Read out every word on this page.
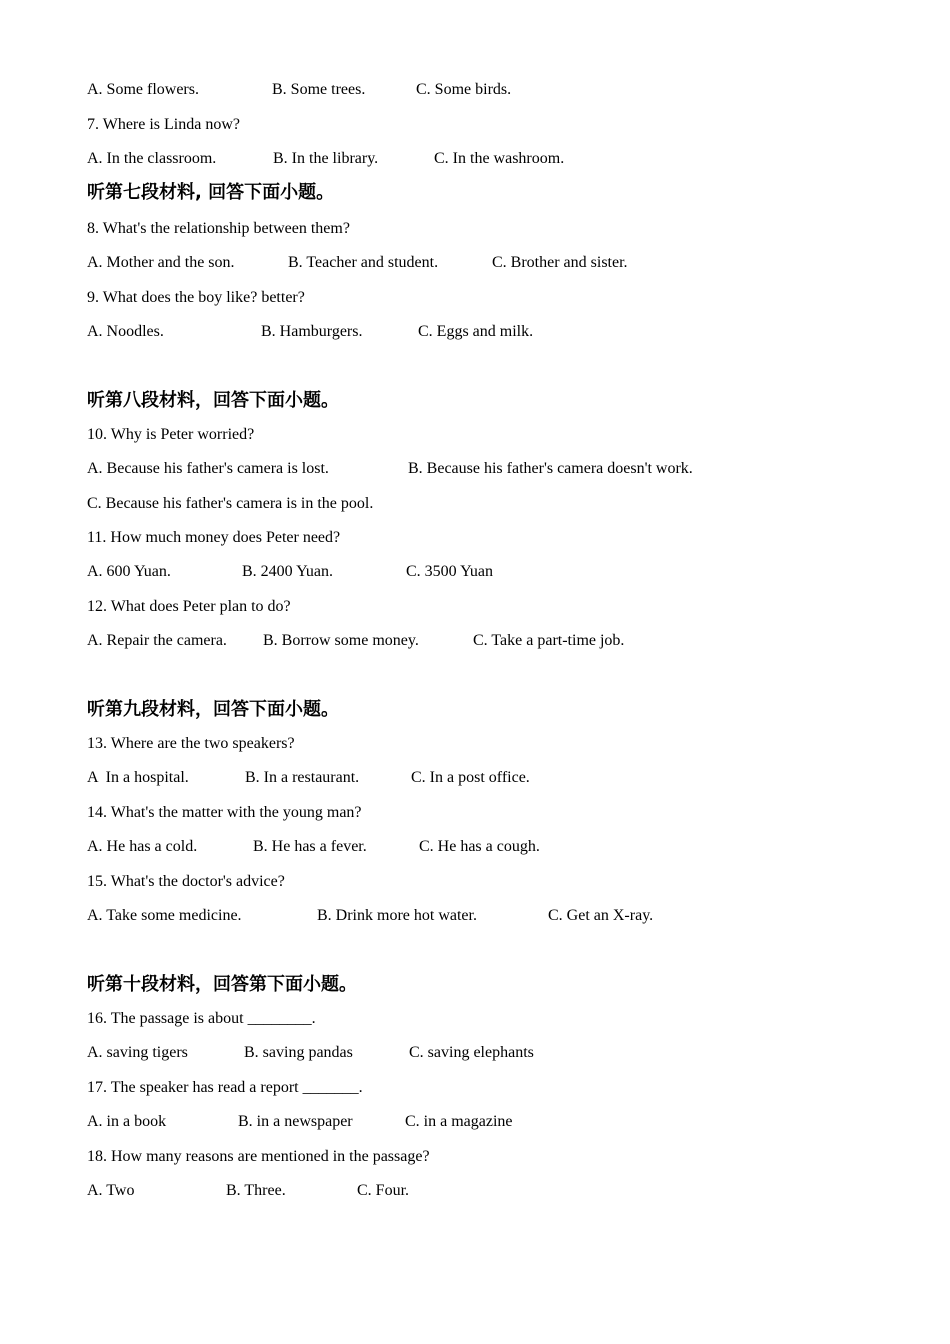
A. Some flowers.	B. Some trees.	C. Some birds.
7. Where is Linda now?
A. In the classroom.	B. In the library.	C. In the washroom.
听第七段材料, 回答下面小题。
8. What's the relationship between them?
A. Mother and the son.	B. Teacher and student.	C. Brother and sister.
9. What does the boy like? better?
A. Noodles.	B. Hamburgers.	C. Eggs and milk.
听第八段材料，回答下面小题。
10. Why is Peter worried?
A. Because his father's camera is lost.	B. Because his father's camera doesn't work.
C. Because his father's camera is in the pool.
11. How much money does Peter need?
A. 600 Yuan.	B. 2400 Yuan.	C. 3500 Yuan
12. What does Peter plan to do?
A. Repair the camera. B. Borrow some money.	C. Take a part-time job.
听第九段材料，回答下面小题。
13. Where are the two speakers?
A  In a hospital.	B. In a restaurant.	C. In a post office.
14. What's the matter with the young man?
A. He has a cold.	B. He has a fever.	C. He has a cough.
15. What's the doctor's advice?
A. Take some medicine.	B. Drink more hot water.	C. Get an X-ray.
听第十段材料，回答第下面小题。
16. The passage is about ________.
A. saving tigers	B. saving pandas	C. saving elephants
17. The speaker has read a report _______.
A. in a book	B. in a newspaper	C. in a magazine
18. How many reasons are mentioned in the passage?
A. Two	B. Three.	C. Four.
